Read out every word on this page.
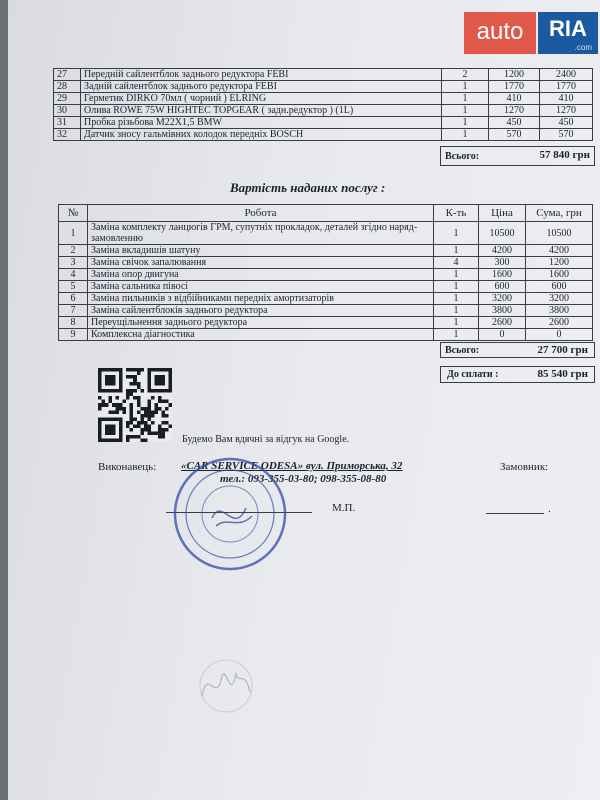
auto	RIA
.com
27	Передній сайлентблок заднього редуктора FEBI	2	1200	2400
28	Задній сайлентблок заднього редуктора FEBI	1	1770	1770
29	Герметик DIRKO 70мл ( чорний ) ELRING	1	410	410
30	Оливa ROWE 75W HIGHTEC TOPGEAR ( задн.редуктор ) (1L)	1	1270	1270
31	Пробка різьбова M22X1,5 BMW	1	450	450
32	Датчик зносу гальмівних колодок передніх BOSCH	1	570	570
Всього:	57 840 грн
Вартість наданих послуг :
№	Робота	К-ть	Ціна	Сума, грн
1	Заміна комплекту ланцюгів ГРМ, супутніх прокладок, деталей згідно наряд-замовленню	1	10500	10500
2	Заміна вкладишів шатуну	1	4200	4200
3	Заміна свічок запалювання	4	300	1200
4	Заміна опор двигуна	1	1600	1600
5	Заміна сальника півосі	1	600	600
6	Заміна пильників з відбійниками передніх амортизаторів	1	3200	3200
7	Заміна сайлентблоків заднього редуктора	1	3800	3800
8	Переущільнення заднього редуктора	1	2600	2600
9	Комплексна діагностика	1	0	0
Всього:	27 700 грн
До сплати :	85 540 грн
Будемо Вам вдячні за відгук на Google.
Виконавець: «CAR SERVICE ODESA» вул. Приморська, 32
тел.: 093-355-03-80; 098-355-08-80
Замовник:
М.П.	.
